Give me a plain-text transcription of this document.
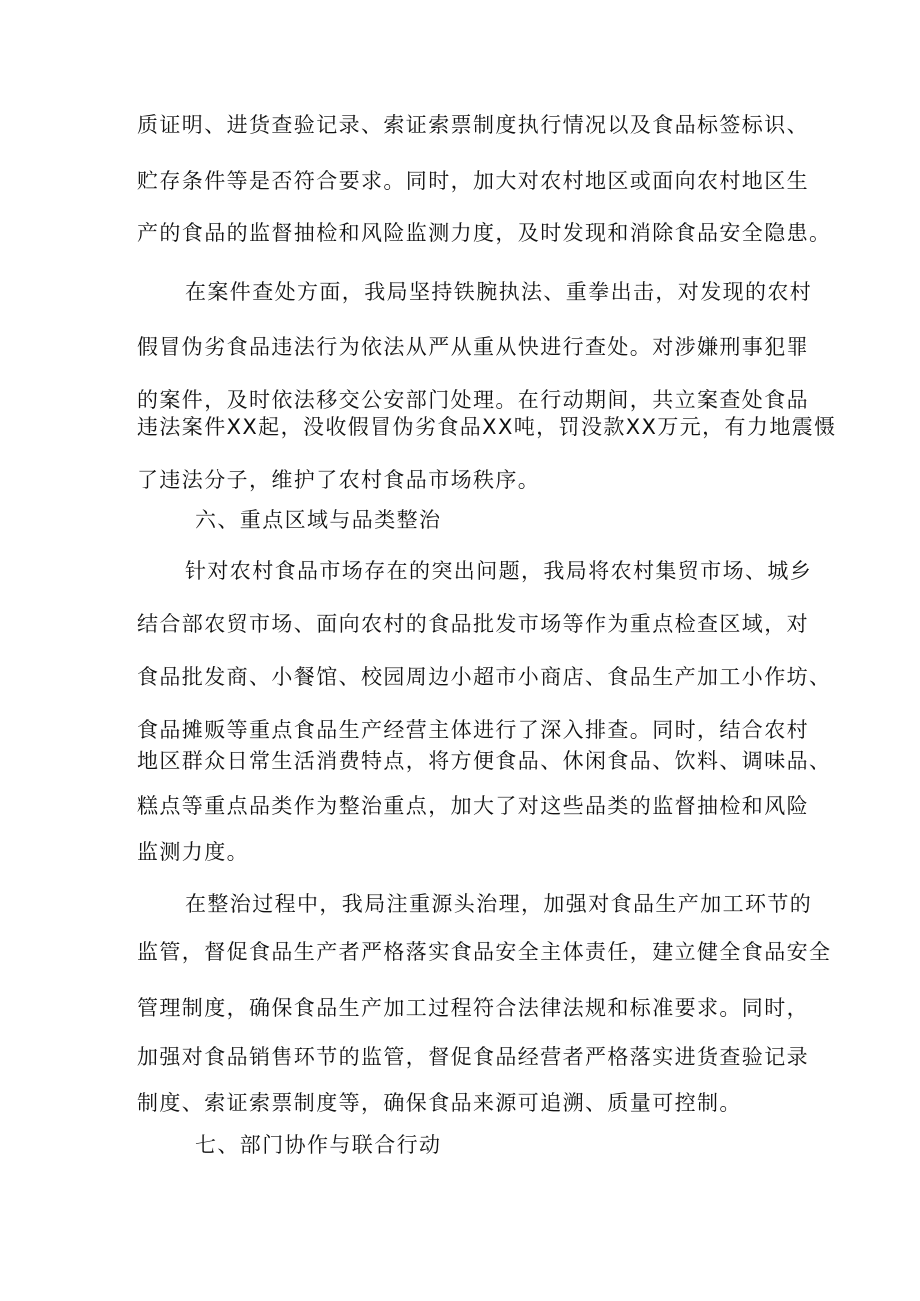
质证明、进货查验记录、索证索票制度执行情况以及食品标签标识、
贮存条件等是否符合要求。同时，加大对农村地区或面向农村地区生
产的食品的监督抽检和风险监测力度，及时发现和消除食品安全隐患。
在案件查处方面，我局坚持铁腕执法、重拳出击，对发现的农村
假冒伪劣食品违法行为依法从严从重从快进行查处。对涉嫌刑事犯罪
的案件，及时依法移交公安部门处理。在行动期间，共立案查处食品
违法案件XX起，没收假冒伪劣食品XX吨，罚没款XX万元，有力地震慑
了违法分子，维护了农村食品市场秩序。
六、重点区域与品类整治
针对农村食品市场存在的突出问题，我局将农村集贸市场、城乡
结合部农贸市场、面向农村的食品批发市场等作为重点检查区域，对
食品批发商、小餐馆、校园周边小超市小商店、食品生产加工小作坊、
食品摊贩等重点食品生产经营主体进行了深入排查。同时，结合农村
地区群众日常生活消费特点，将方便食品、休闲食品、饮料、调味品、
糕点等重点品类作为整治重点，加大了对这些品类的监督抽检和风险
监测力度。
在整治过程中，我局注重源头治理，加强对食品生产加工环节的
监管，督促食品生产者严格落实食品安全主体责任，建立健全食品安全
管理制度，确保食品生产加工过程符合法律法规和标准要求。同时，
加强对食品销售环节的监管，督促食品经营者严格落实进货查验记录
制度、索证索票制度等，确保食品来源可追溯、质量可控制。
七、部门协作与联合行动
